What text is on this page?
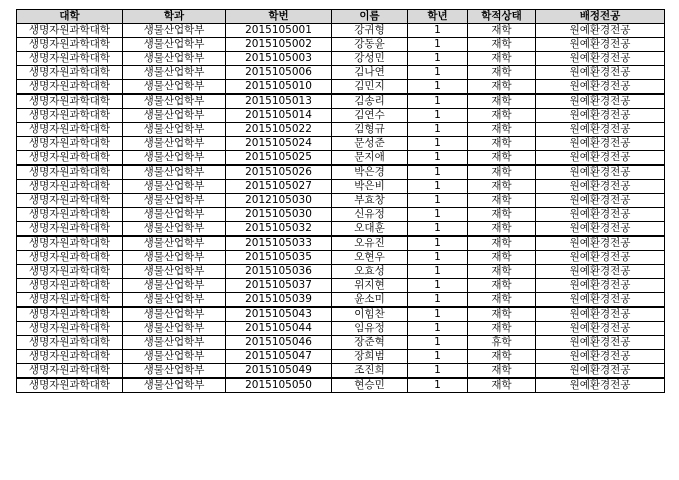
대학	학과	학번	이름	학년	학적상태	배정전공
생명자원과학대학	생물산업학부	2015105001	강귀형	1	재학	원예환경전공
생명자원과학대학	생물산업학부	2015105002	강동윤	1	재학	원예환경전공
생명자원과학대학	생물산업학부	2015105003	강성민	1	재학	원예환경전공
생명자원과학대학	생물산업학부	2015105006	김나연	1	재학	원예환경전공
생명자원과학대학	생물산업학부	2015105010	김민지	1	재학	원예환경전공
생명자원과학대학	생물산업학부	2015105013	김송리	1	재학	원예환경전공
생명자원과학대학	생물산업학부	2015105014	김연수	1	재학	원예환경전공
생명자원과학대학	생물산업학부	2015105022	김형규	1	재학	원예환경전공
생명자원과학대학	생물산업학부	2015105024	문성준	1	재학	원예환경전공
생명자원과학대학	생물산업학부	2015105025	문지애	1	재학	원예환경전공
생명자원과학대학	생물산업학부	2015105026	박은경	1	재학	원예환경전공
생명자원과학대학	생물산업학부	2015105027	박은비	1	재학	원예환경전공
생명자원과학대학	생물산업학부	2012105030	부효창	1	재학	원예환경전공
생명자원과학대학	생물산업학부	2015105030	신유정	1	재학	원예환경전공
생명자원과학대학	생물산업학부	2015105032	오대훈	1	재학	원예환경전공
생명자원과학대학	생물산업학부	2015105033	오유진	1	재학	원예환경전공
생명자원과학대학	생물산업학부	2015105035	오현우	1	재학	원예환경전공
생명자원과학대학	생물산업학부	2015105036	오효성	1	재학	원예환경전공
생명자원과학대학	생물산업학부	2015105037	위지현	1	재학	원예환경전공
생명자원과학대학	생물산업학부	2015105039	윤소미	1	재학	원예환경전공
생명자원과학대학	생물산업학부	2015105043	이힘찬	1	재학	원예환경전공
생명자원과학대학	생물산업학부	2015105044	임유정	1	재학	원예환경전공
생명자원과학대학	생물산업학부	2015105046	장준혁	1	휴학	원예환경전공
생명자원과학대학	생물산업학부	2015105047	장희범	1	재학	원예환경전공
생명자원과학대학	생물산업학부	2015105049	조진희	1	재학	원예환경전공
생명자원과학대학	생물산업학부	2015105050	현승민	1	재학	원예환경전공
